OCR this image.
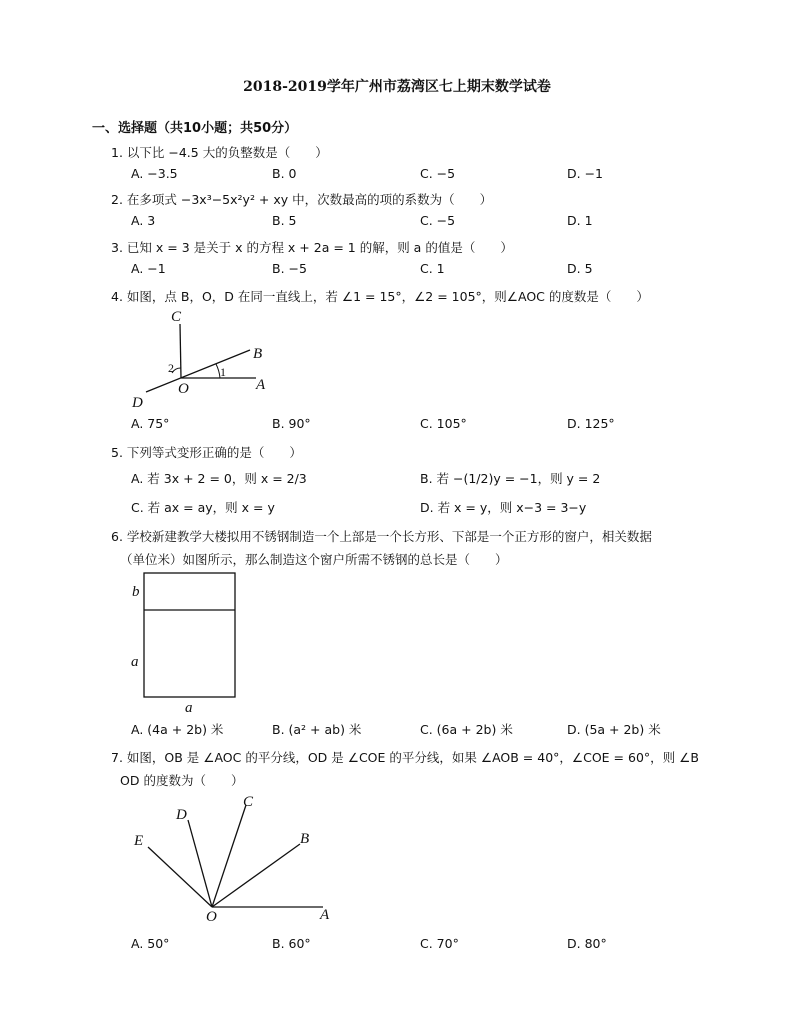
2018-2019学年广州市荔湾区七上期末数学试卷
一、选择题（共10小题；共50分）
1. 以下比 −4.5 大的负整数是（　　）
A. −3.5	B. 0	C. −5	D. −1
2. 在多项式 −3x³−5x²y² + xy 中，次数最高的项的系数为（　　）
A. 3	B. 5	C. −5	D. 1
3. 已知 x = 3 是关于 x 的方程 x + 2a = 1 的解，则 a 的值是（　　）
A. −1	B. −5	C. 1	D. 5
4. 如图，点 B，O，D 在同一直线上，若 ∠1 = 15°，∠2 = 105°，则∠AOC 的度数是（　　）
C
B
A
D
O
1
2
A. 75°	B. 90°	C. 105°	D. 125°
5. 下列等式变形正确的是（　　）
A. 若 3x + 2 = 0，则 x = 2/3	B. 若 −(1/2)y = −1，则 y = 2
C. 若 ax = ay，则 x = y	D. 若 x = y，则 x−3 = 3−y
6. 学校新建教学大楼拟用不锈钢制造一个上部是一个长方形、下部是一个正方形的窗户，相关数据
（单位米）如图所示，那么制造这个窗户所需不锈钢的总长是（　　）
b
a
a
A. (4a + 2b) 米	B. (a² + ab) 米	C. (6a + 2b) 米	D. (5a + 2b) 米
7. 如图，OB 是 ∠AOC 的平分线，OD 是 ∠COE 的平分线，如果 ∠AOB = 40°，∠COE = 60°，则 ∠B
OD 的度数为（　　）
E
D
C
B
O	A
A. 50°	B. 60°	C. 70°	D. 80°
